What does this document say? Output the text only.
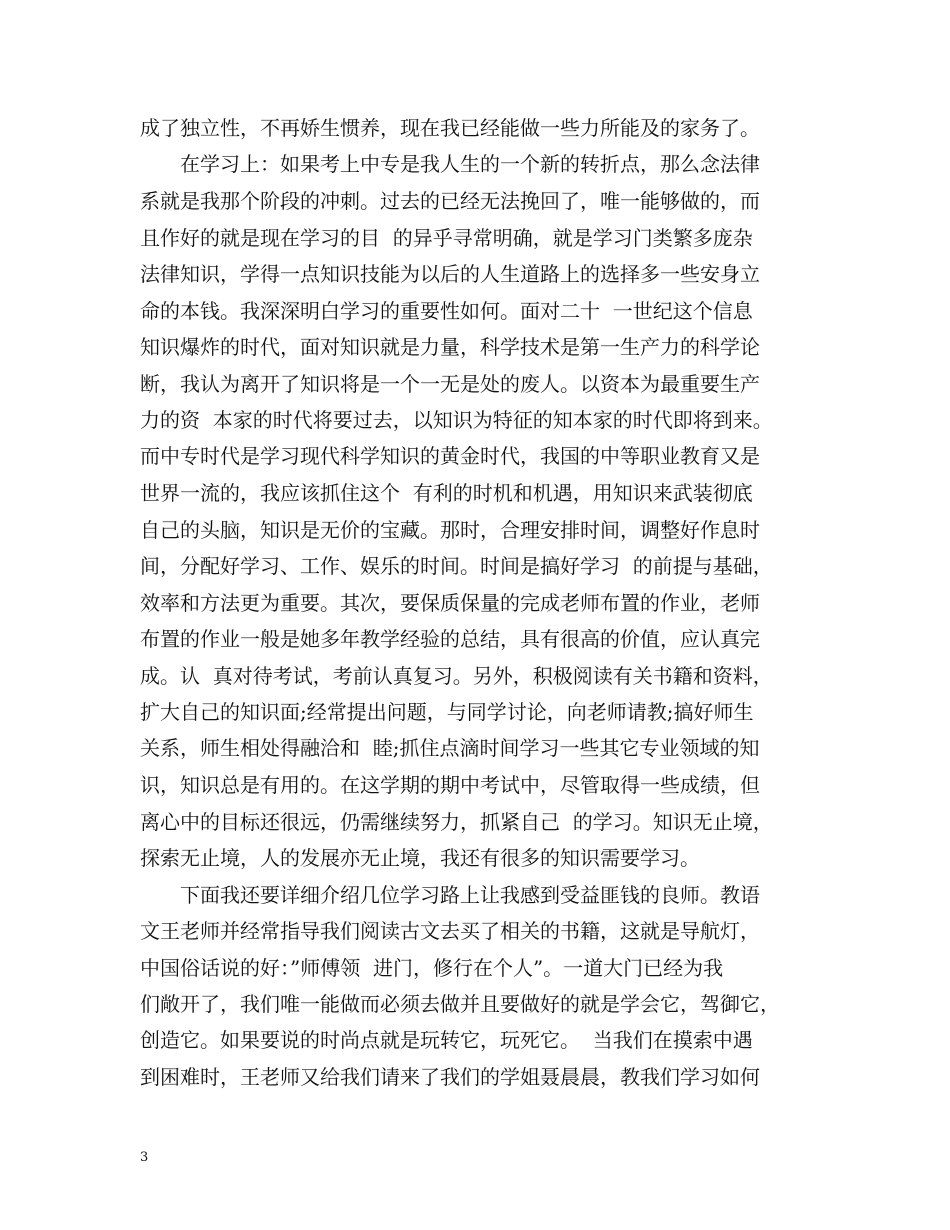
成了独立性，不再娇生惯养，现在我已经能做一些力所能及的家务了。
　　在学习上：如果考上中专是我人生的一个新的转折点，那么念法律
系就是我那个阶段的冲刺。过去的已经无法挽回了，唯一能够做的，而
且作好的就是现在学习的目  的异乎寻常明确，就是学习门类繁多庞杂
法律知识，学得一点知识技能为以后的人生道路上的选择多一些安身立
命的本钱。我深深明白学习的重要性如何。面对二十  一世纪这个信息
知识爆炸的时代，面对知识就是力量，科学技术是第一生产力的科学论
断，我认为离开了知识将是一个一无是处的废人。以资本为最重要生产
力的资  本家的时代将要过去，以知识为特征的知本家的时代即将到来。
而中专时代是学习现代科学知识的黄金时代，我国的中等职业教育又是
世界一流的，我应该抓住这个  有利的时机和机遇，用知识来武装彻底
自己的头脑，知识是无价的宝藏。那时，合理安排时间，调整好作息时
间，分配好学习、工作、娱乐的时间。时间是搞好学习  的前提与基础，
效率和方法更为重要。其次，要保质保量的完成老师布置的作业，老师
布置的作业一般是她多年教学经验的总结，具有很高的价值，应认真完
成。认  真对待考试，考前认真复习。另外，积极阅读有关书籍和资料，
扩大自己的知识面;经常提出问题，与同学讨论，向老师请教;搞好师生
关系，师生相处得融洽和  睦;抓住点滴时间学习一些其它专业领域的知
识，知识总是有用的。在这学期的期中考试中，尽管取得一些成绩，但
离心中的目标还很远，仍需继续努力，抓紧自己  的学习。知识无止境，
探索无止境，人的发展亦无止境，我还有很多的知识需要学习。
　　下面我还要详细介绍几位学习路上让我感到受益匪钱的良师。教语
文王老师并经常指导我们阅读古文去买了相关的书籍，这就是导航灯，
中国俗话说的好：”师傅领  进门，修行在个人”。一道大门已经为我
们敞开了，我们唯一能做而必须去做并且要做好的就是学会它，驾御它，
创造它。如果要说的时尚点就是玩转它，玩死它。  当我们在摸索中遇
到困难时，王老师又给我们请来了我们的学姐聂晨晨，教我们学习如何
3
